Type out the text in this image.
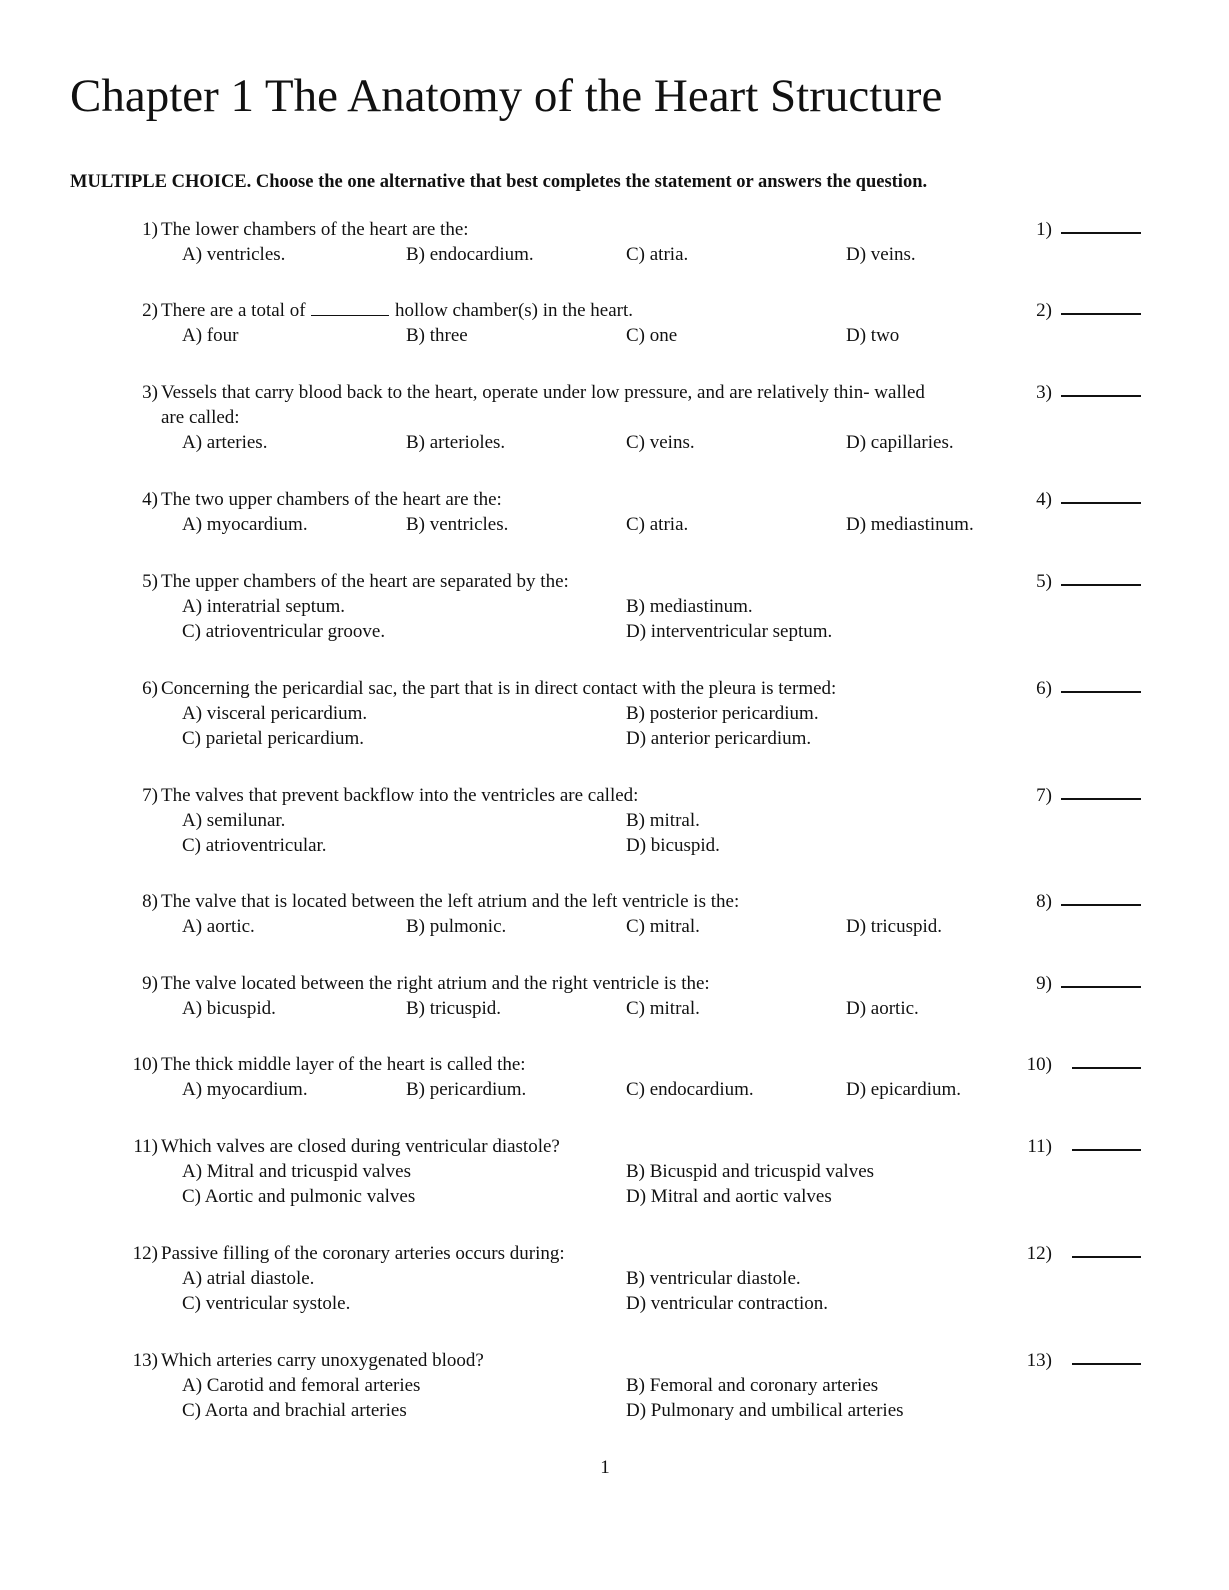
Chapter 1 The Anatomy of the Heart Structure
MULTIPLE CHOICE. Choose the one alternative that best completes the statement or answers the question.
1) The lower chambers of the heart are the:	1)
A) ventricles.	B) endocardium.	C) atria.	D) veins.
2) There are a total of	hollow chamber(s) in the heart.	2)
A) four	B) three	C) one	D) two
3) Vessels that carry blood back to the heart, operate under low pressure, and are relatively thin- walled are called:
3)
A) arteries.	B) arterioles.	C) veins.	D) capillaries.
4) The two upper chambers of the heart are the:	4)
A) myocardium.	B) ventricles.	C) atria.	D) mediastinum.
5) The upper chambers of the heart are separated by the:	5)
A) interatrial septum.	B) mediastinum.
C) atrioventricular groove.	D) interventricular septum.
6) Concerning the pericardial sac, the part that is in direct contact with the pleura is termed:	6)
A) visceral pericardium.	B) posterior pericardium.
C) parietal pericardium.	D) anterior pericardium.
7) The valves that prevent backflow into the ventricles are called:	7)
A) semilunar.	B) mitral.
C) atrioventricular.	D) bicuspid.
8) The valve that is located between the left atrium and the left ventricle is the:	8)
A) aortic.	B) pulmonic.	C) mitral.	D) tricuspid.
9) The valve located between the right atrium and the right ventricle is the:	9)
A) bicuspid.	B) tricuspid.	C) mitral.	D) aortic.
10) The thick middle layer of the heart is called the:	10)
A) myocardium.	B) pericardium.	C) endocardium.	D) epicardium.
11) Which valves are closed during ventricular diastole?	11)
A) Mitral and tricuspid valves	B) Bicuspid and tricuspid valves
C) Aortic and pulmonic valves	D) Mitral and aortic valves
12) Passive filling of the coronary arteries occurs during:	12)
A) atrial diastole.	B) ventricular diastole.
C) ventricular systole.	D) ventricular contraction.
13) Which arteries carry unoxygenated blood?	13)
A) Carotid and femoral arteries	B) Femoral and coronary arteries
C) Aorta and brachial arteries	D) Pulmonary and umbilical arteries
1
